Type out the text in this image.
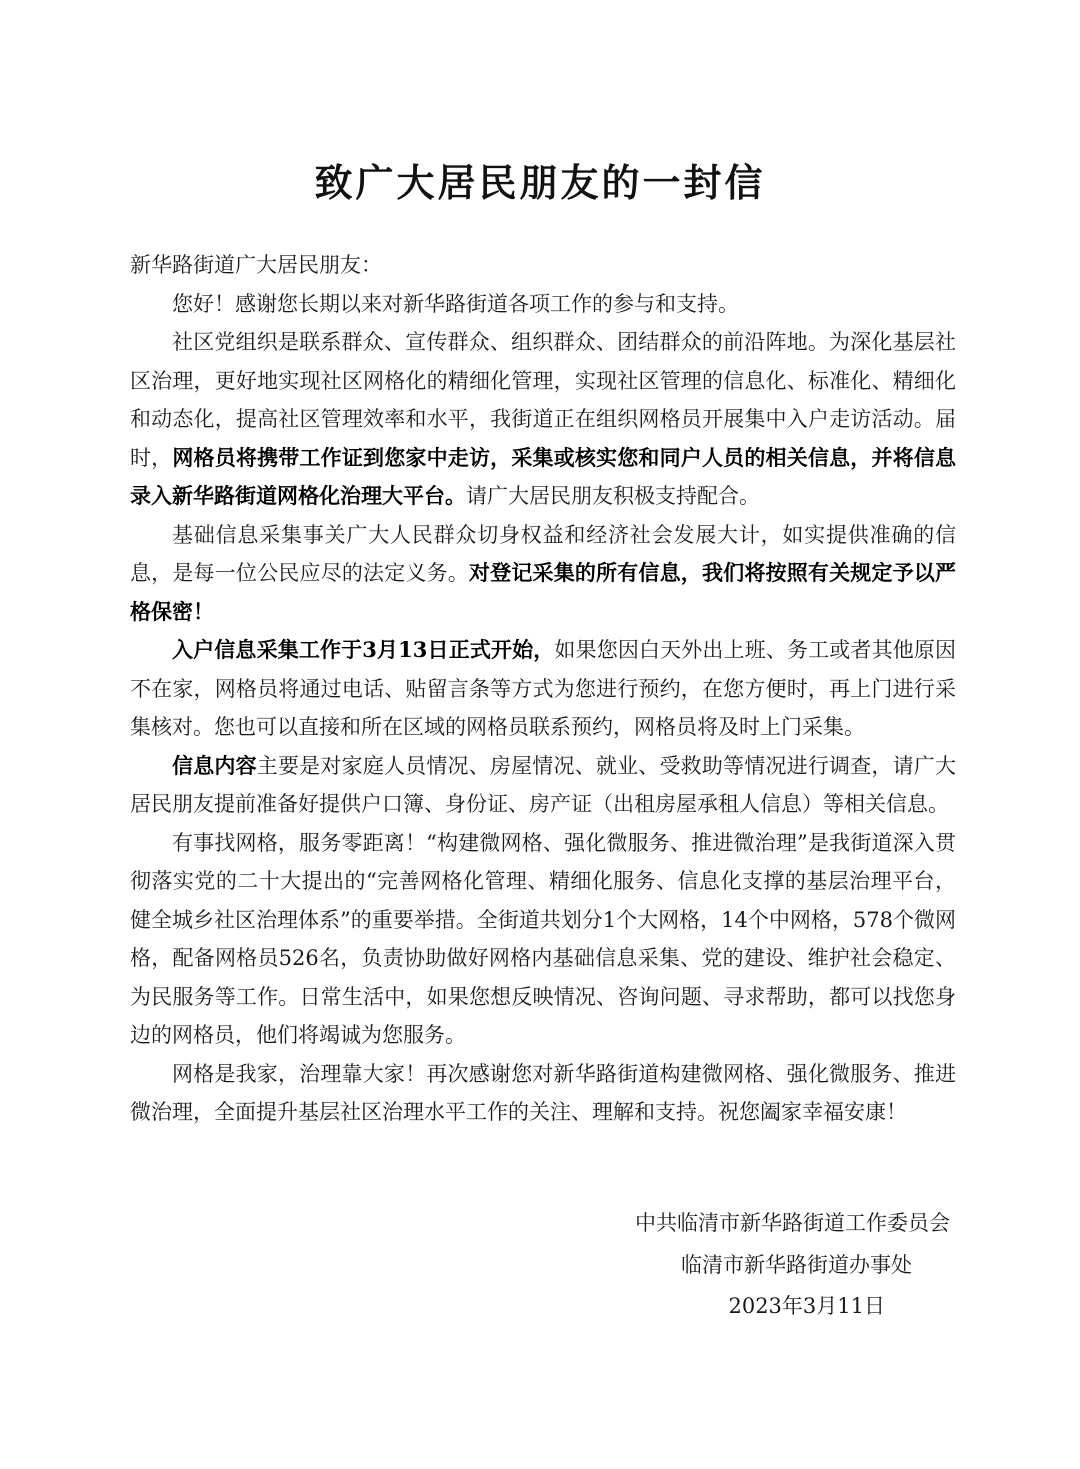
致广大居民朋友的一封信

新华路街道广大居民朋友：

您好！感谢您长期以来对新华路街道各项工作的参与和支持。

社区党组织是联系群众、宣传群众、组织群众、团结群众的前沿阵地。为深化基层社区治理，更好地实现社区网格化的精细化管理，实现社区管理的信息化、标准化、精细化和动态化，提高社区管理效率和水平，我街道正在组织网格员开展集中入户走访活动。届时，网格员将携带工作证到您家中走访，采集或核实您和同户人员的相关信息，并将信息录入新华路街道网格化治理大平台。请广大居民朋友积极支持配合。

基础信息采集事关广大人民群众切身权益和经济社会发展大计，如实提供准确的信息，是每一位公民应尽的法定义务。对登记采集的所有信息，我们将按照有关规定予以严格保密！

入户信息采集工作于3月13日正式开始，如果您因白天外出上班、务工或者其他原因不在家，网格员将通过电话、贴留言条等方式为您进行预约，在您方便时，再上门进行采集核对。您也可以直接和所在区域的网格员联系预约，网格员将及时上门采集。

信息内容主要是对家庭人员情况、房屋情况、就业、受救助等情况进行调查，请广大居民朋友提前准备好提供户口簿、身份证、房产证（出租房屋承租人信息）等相关信息。

有事找网格，服务零距离！“构建微网格、强化微服务、推进微治理”是我街道深入贯彻落实党的二十大提出的“完善网格化管理、精细化服务、信息化支撑的基层治理平台，健全城乡社区治理体系”的重要举措。全街道共划分1个大网格，14个中网格，578个微网格，配备网格员526名，负责协助做好网格内基础信息采集、党的建设、维护社会稳定、为民服务等工作。日常生活中，如果您想反映情况、咨询问题、寻求帮助，都可以找您身边的网格员，他们将竭诚为您服务。

网格是我家，治理靠大家！再次感谢您对新华路街道构建微网格、强化微服务、推进微治理，全面提升基层社区治理水平工作的关注、理解和支持。祝您阖家幸福安康！

中共临清市新华路街道工作委员会
临清市新华路街道办事处
2023年3月11日
